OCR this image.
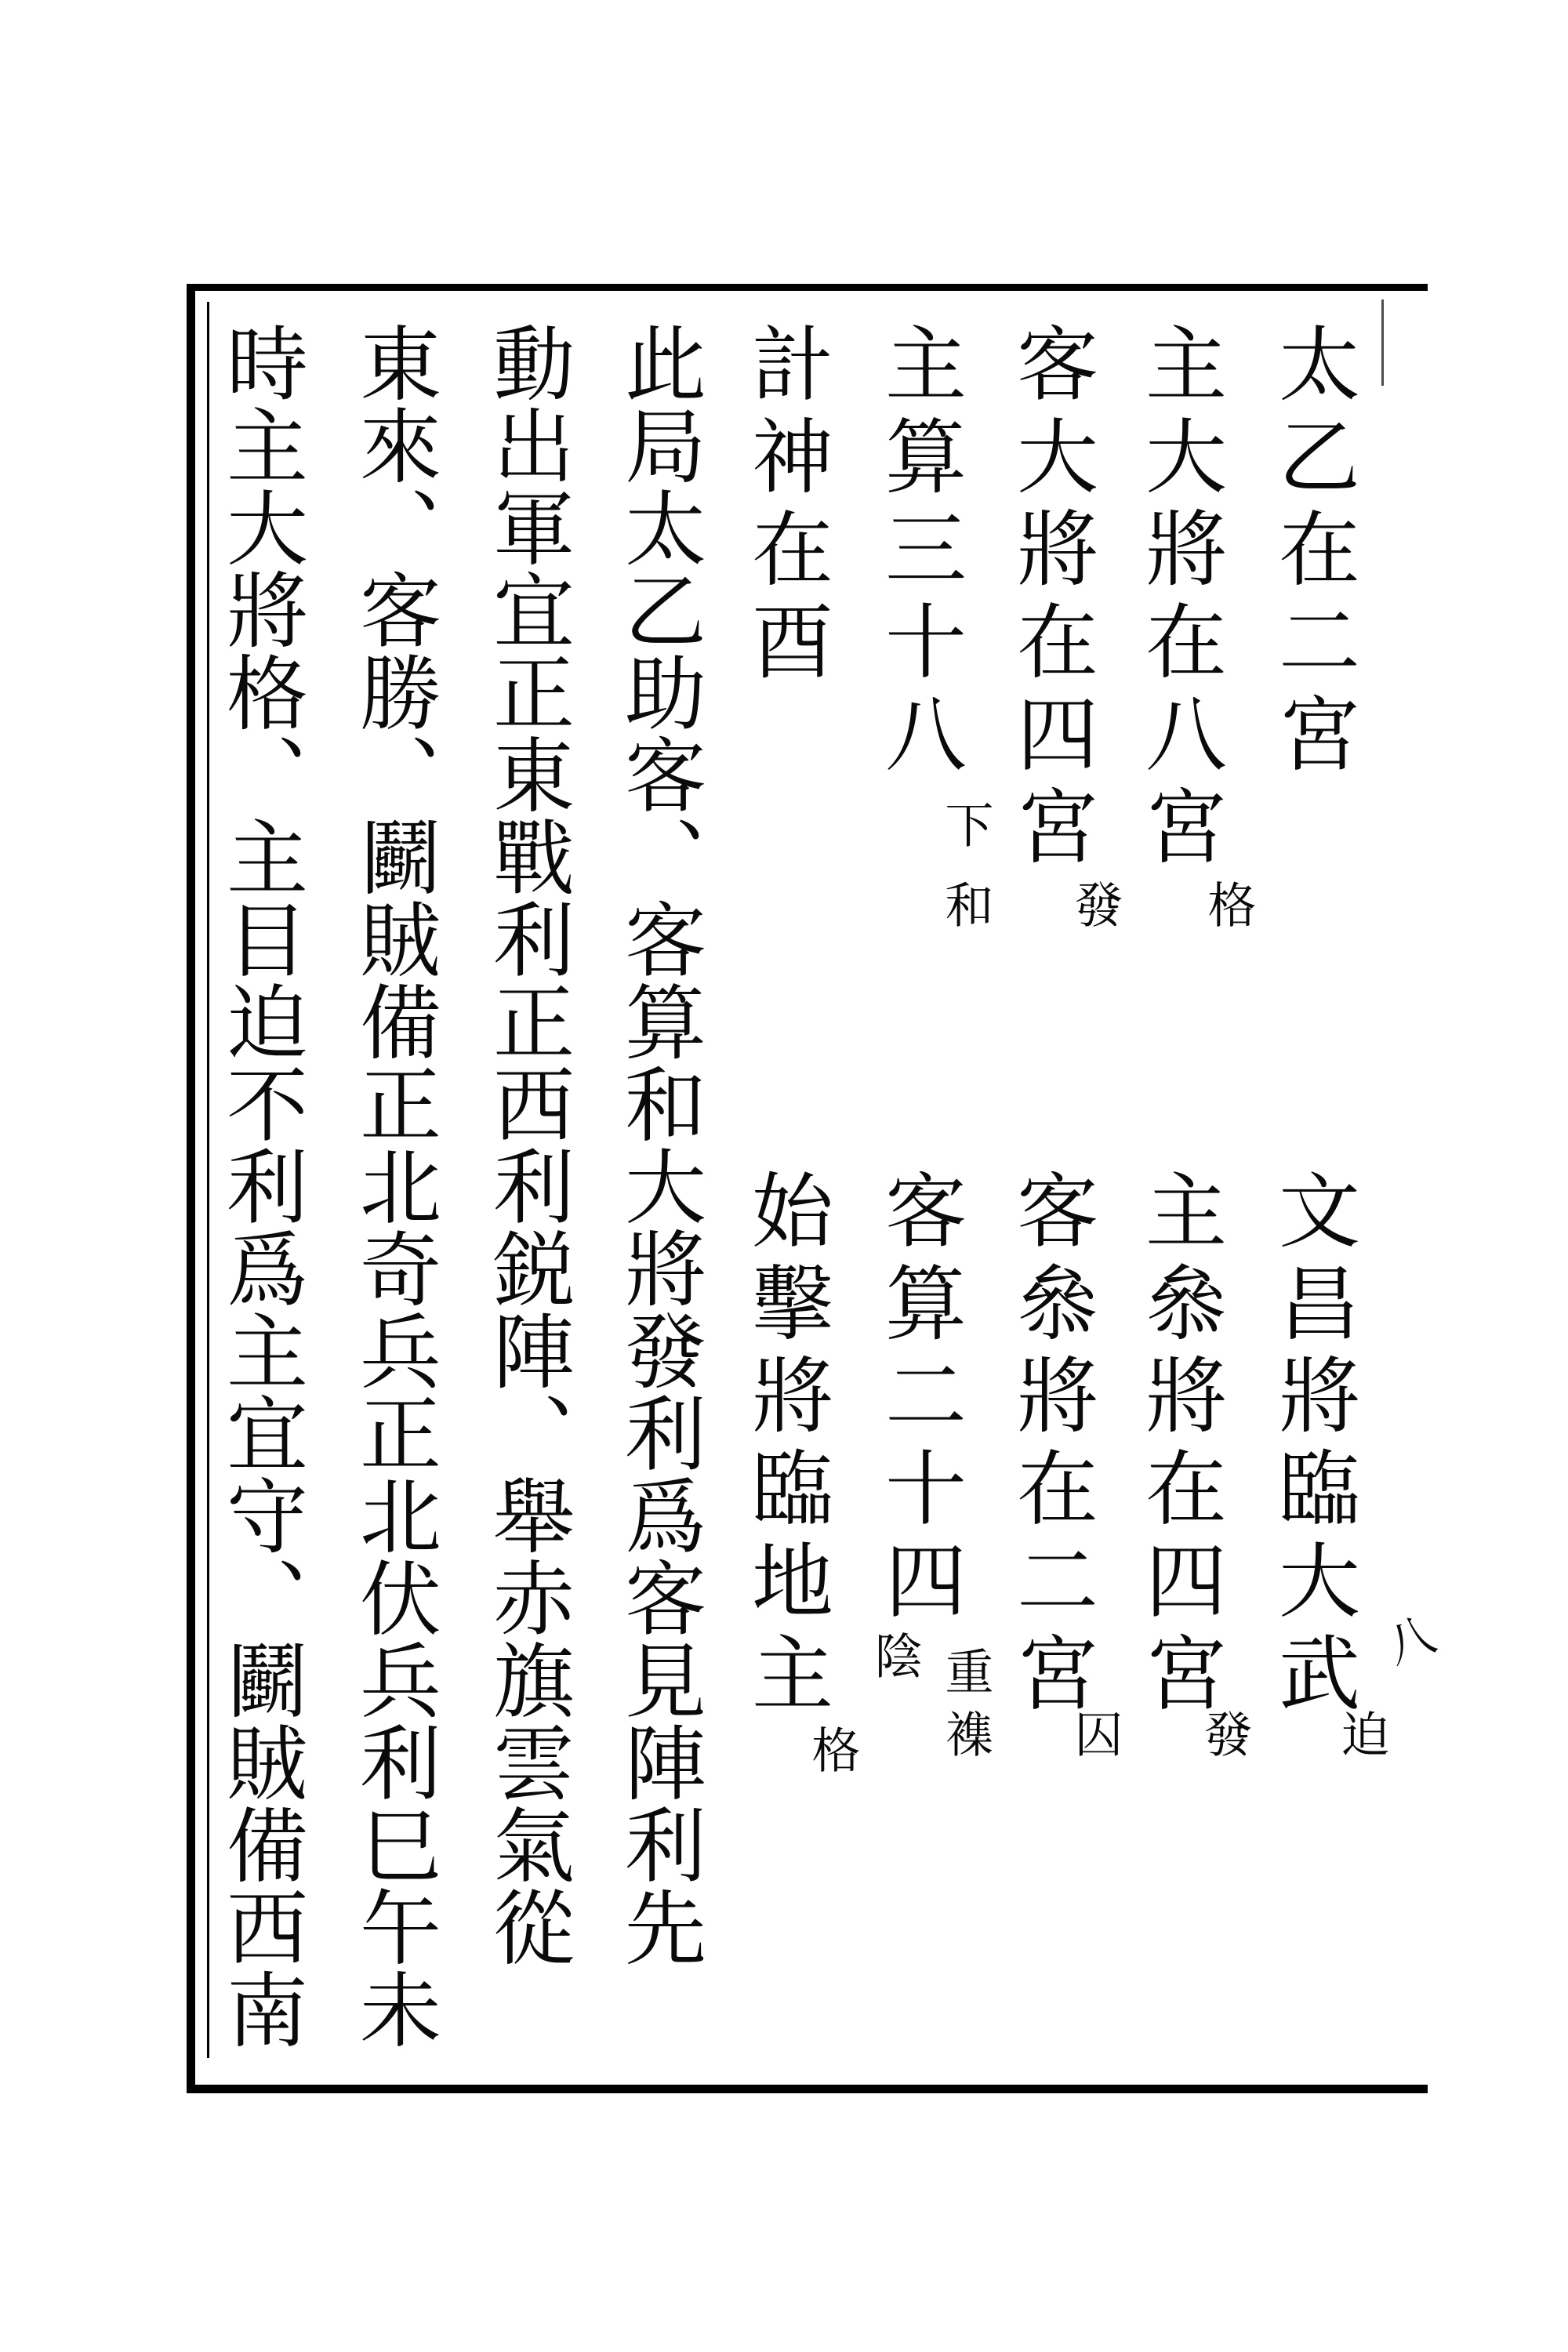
太乙在二宮
主大將在八宮
客大將在四宮
主算三十八
計神在酉
此局太乙助客、客算和大將發利爲客見陣利先
動出軍宜正東戰利正西利鋭陣、舉赤旗雲氣從
東來、客勝、鬬賊備正北奇兵正北伏兵利巳午未
時主大將格、主目迫不利爲主宜守、鬬賊備西南	文昌將臨大武
主叅將在四宮
客叅將在二宮
客算二十四
始擊將臨地主
格
發
和
下
迫
發
囚
重襍
陰
格
八
